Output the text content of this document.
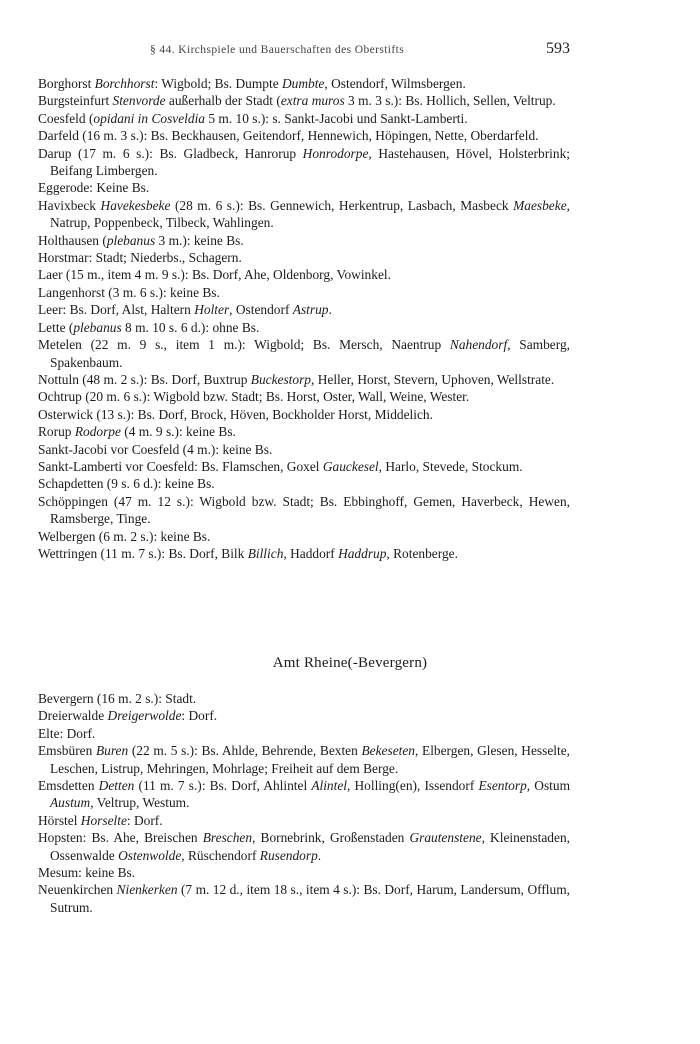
§ 44. Kirchspiele und Bauerschaften des Oberstifts	593
Borghorst Borchhorst: Wigbold; Bs. Dumpte Dumbte, Ostendorf, Wilmsbergen.
Burgsteinfurt Stenvorde außerhalb der Stadt (extra muros 3 m. 3 s.): Bs. Hollich, Sellen, Veltrup.
Coesfeld (opidani in Cosveldia 5 m. 10 s.): s. Sankt-Jacobi und Sankt-Lamberti.
Darfeld (16 m. 3 s.): Bs. Beckhausen, Geitendorf, Hennewich, Höpingen, Nette, Oberdarfeld.
Darup (17 m. 6 s.): Bs. Gladbeck, Hanrorup Honrodorpe, Hastehausen, Hövel, Holsterbrink; Beifang Limbergen.
Eggerode: Keine Bs.
Havixbeck Havekesbeke (28 m. 6 s.): Bs. Gennewich, Herkentrup, Lasbach, Masbeck Maesbeke, Natrup, Poppenbeck, Tilbeck, Wahlingen.
Holthausen (plebanus 3 m.): keine Bs.
Horstmar: Stadt; Niederbs., Schagern.
Laer (15 m., item 4 m. 9 s.): Bs. Dorf, Ahe, Oldenborg, Vowinkel.
Langenhorst (3 m. 6 s.): keine Bs.
Leer: Bs. Dorf, Alst, Haltern Holter, Ostendorf Astrup.
Lette (plebanus 8 m. 10 s. 6 d.): ohne Bs.
Metelen (22 m. 9 s., item 1 m.): Wigbold; Bs. Mersch, Naentrup Nahendorf, Samberg, Spakenbaum.
Nottuln (48 m. 2 s.): Bs. Dorf, Buxtrup Buckestorp, Heller, Horst, Stevern, Uphoven, Wellstrate.
Ochtrup (20 m. 6 s.): Wigbold bzw. Stadt; Bs. Horst, Oster, Wall, Weine, Wester.
Osterwick (13 s.): Bs. Dorf, Brock, Höven, Bockholder Horst, Middelich.
Rorup Rodorpe (4 m. 9 s.): keine Bs.
Sankt-Jacobi vor Coesfeld (4 m.): keine Bs.
Sankt-Lamberti vor Coesfeld: Bs. Flamschen, Goxel Gauckesel, Harlo, Stevede, Stockum.
Schapdetten (9 s. 6 d.): keine Bs.
Schöppingen (47 m. 12 s.): Wigbold bzw. Stadt; Bs. Ebbinghoff, Gemen, Haverbeck, Hewen, Ramsberge, Tinge.
Welbergen (6 m. 2 s.): keine Bs.
Wettringen (11 m. 7 s.): Bs. Dorf, Bilk Billich, Haddorf Haddrup, Rotenberge.
Amt Rheine(-Bevergern)
Bevergern (16 m. 2 s.): Stadt.
Dreierwalde Dreigerwolde: Dorf.
Elte: Dorf.
Emsbüren Buren (22 m. 5 s.): Bs. Ahlde, Behrende, Bexten Bekeseten, Elbergen, Glesen, Hesselte, Leschen, Listrup, Mehringen, Mohrlage; Freiheit auf dem Berge.
Emsdetten Detten (11 m. 7 s.): Bs. Dorf, Ahlintel Alintel, Holling(en), Issendorf Esentorp, Ostum Austum, Veltrup, Westum.
Hörstel Horselte: Dorf.
Hopsten: Bs. Ahe, Breischen Breschen, Bornebrink, Großenstaden Grautenstene, Kleinenstaden, Ossenwalde Ostenwolde, Rüschendorf Rusendorp.
Mesum: keine Bs.
Neuenkirchen Nienkerken (7 m. 12 d., item 18 s., item 4 s.): Bs. Dorf, Harum, Landersum, Offlum, Sutrum.
